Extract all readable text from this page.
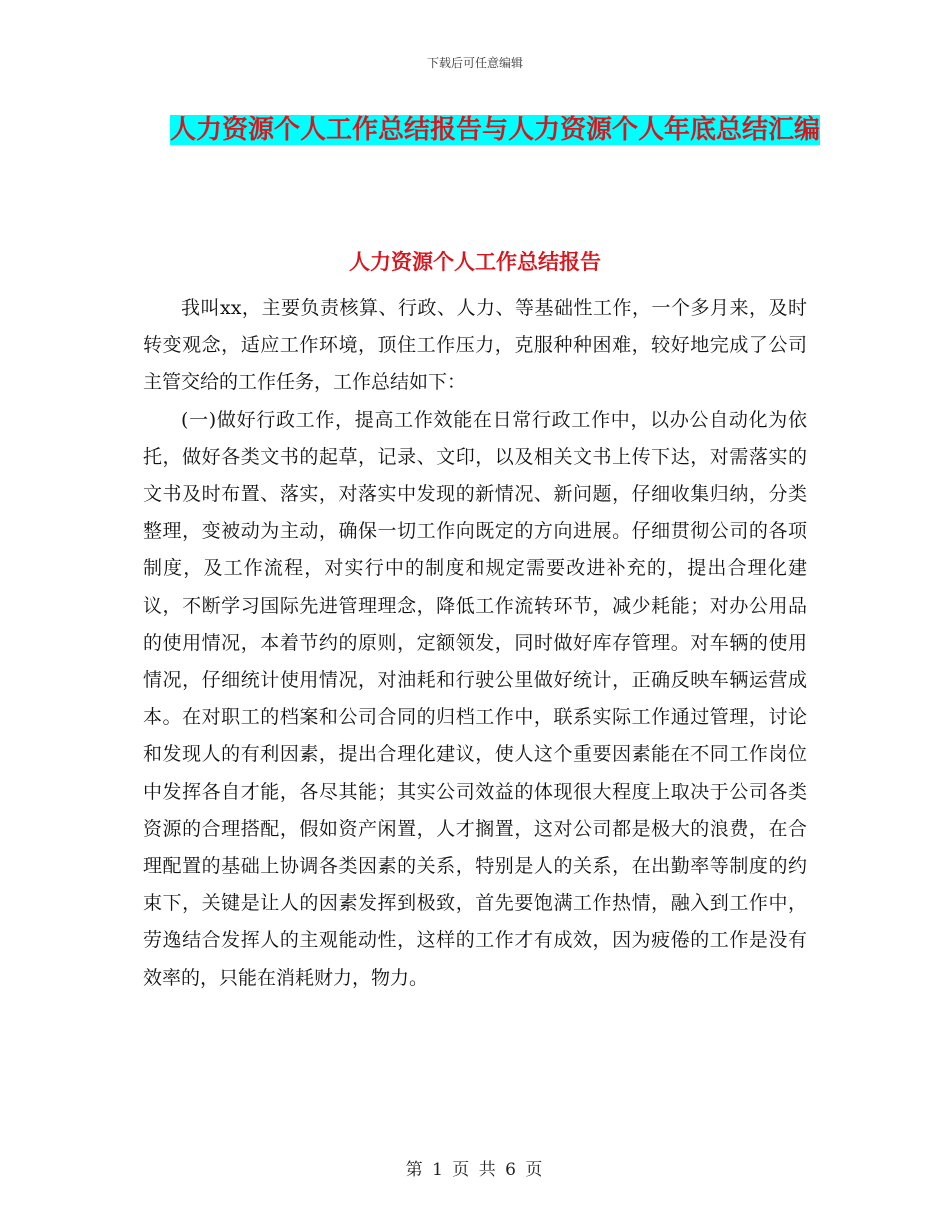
下载后可任意编辑
人力资源个人工作总结报告与人力资源个人年底总结汇编
人力资源个人工作总结报告

我叫xx，主要负责核算、行政、人力、等基础性工作，一个多月来，及时转变观念，适应工作环境，顶住工作压力，克服种种困难，较好地完成了公司主管交给的工作任务，工作总结如下：

(一)做好行政工作，提高工作效能在日常行政工作中，以办公自动化为依托，做好各类文书的起草，记录、文印，以及相关文书上传下达，对需落实的文书及时布置、落实，对落实中发现的新情况、新问题，仔细收集归纳，分类整理，变被动为主动，确保一切工作向既定的方向进展。仔细贯彻公司的各项制度，及工作流程，对实行中的制度和规定需要改进补充的，提出合理化建议，不断学习国际先进管理理念，降低工作流转环节，减少耗能；对办公用品的使用情况，本着节约的原则，定额领发，同时做好库存管理。对车辆的使用情况，仔细统计使用情况，对油耗和行驶公里做好统计，正确反映车辆运营成本。在对职工的档案和公司合同的归档工作中，联系实际工作通过管理，讨论和发现人的有利因素，提出合理化建议，使人这个重要因素能在不同工作岗位中发挥各自才能，各尽其能；其实公司效益的体现很大程度上取决于公司各类资源的合理搭配，假如资产闲置，人才搁置，这对公司都是极大的浪费，在合理配置的基础上协调各类因素的关系，特别是人的关系，在出勤率等制度的约束下，关键是让人的因素发挥到极致，首先要饱满工作热情，融入到工作中，劳逸结合发挥人的主观能动性，这样的工作才有成效，因为疲倦的工作是没有效率的，只能在消耗财力，物力。

第 1 页 共 6 页
